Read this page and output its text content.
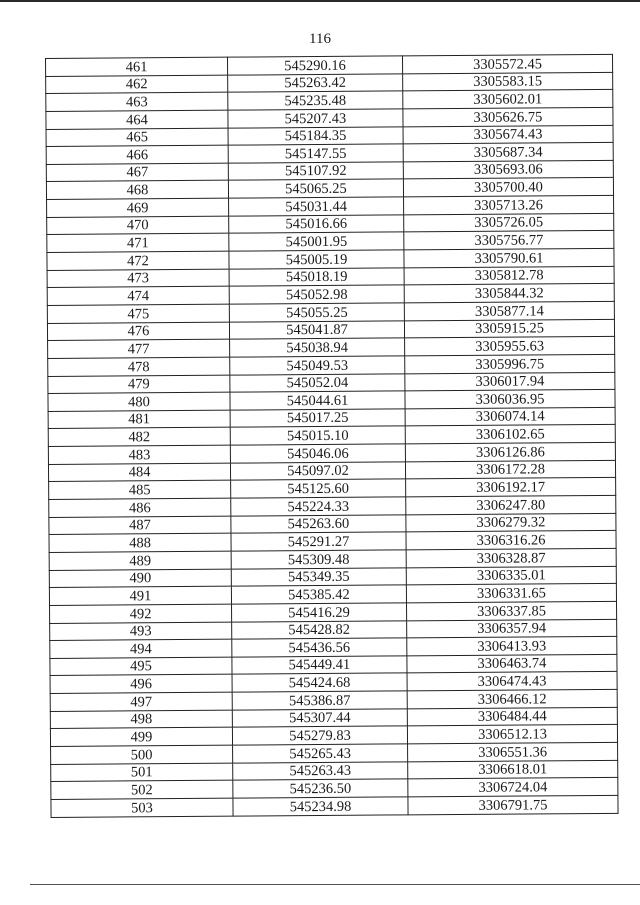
116
461	545290.16	3305572.45
462	545263.42	3305583.15
463	545235.48	3305602.01
464	545207.43	3305626.75
465	545184.35	3305674.43
466	545147.55	3305687.34
467	545107.92	3305693.06
468	545065.25	3305700.40
469	545031.44	3305713.26
470	545016.66	3305726.05
471	545001.95	3305756.77
472	545005.19	3305790.61
473	545018.19	3305812.78
474	545052.98	3305844.32
475	545055.25	3305877.14
476	545041.87	3305915.25
477	545038.94	3305955.63
478	545049.53	3305996.75
479	545052.04	3306017.94
480	545044.61	3306036.95
481	545017.25	3306074.14
482	545015.10	3306102.65
483	545046.06	3306126.86
484	545097.02	3306172.28
485	545125.60	3306192.17
486	545224.33	3306247.80
487	545263.60	3306279.32
488	545291.27	3306316.26
489	545309.48	3306328.87
490	545349.35	3306335.01
491	545385.42	3306331.65
492	545416.29	3306337.85
493	545428.82	3306357.94
494	545436.56	3306413.93
495	545449.41	3306463.74
496	545424.68	3306474.43
497	545386.87	3306466.12
498	545307.44	3306484.44
499	545279.83	3306512.13
500	545265.43	3306551.36
501	545263.43	3306618.01
502	545236.50	3306724.04
503	545234.98	3306791.75
